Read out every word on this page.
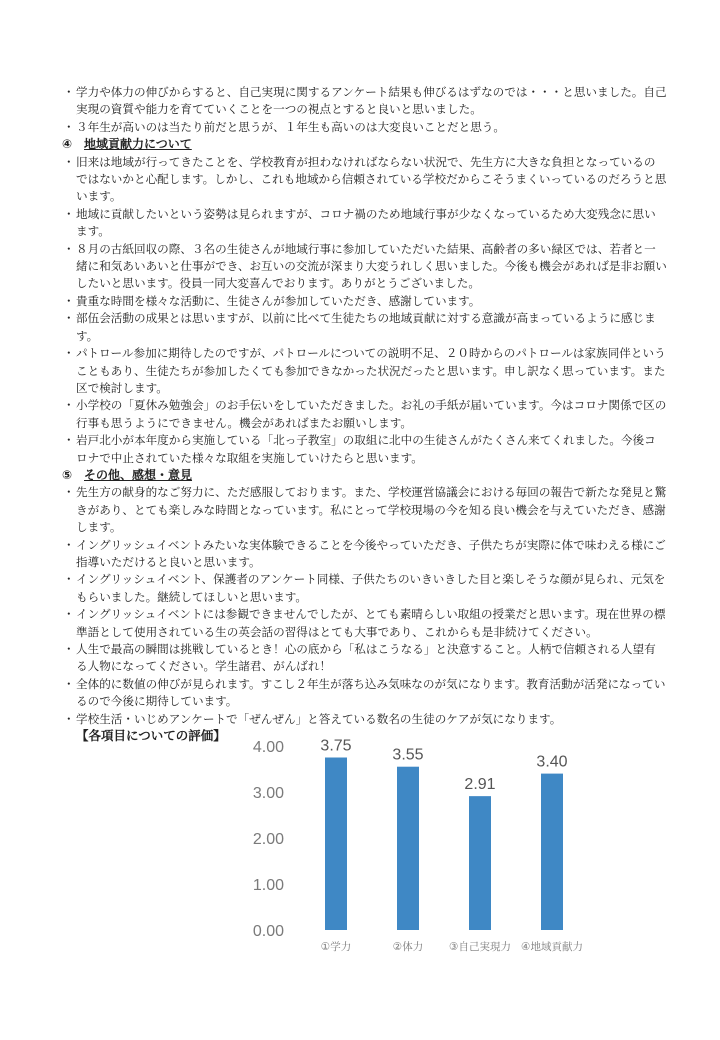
・ 学力や体力の伸びからすると、自己実現に関するアンケート結果も伸びるはずなのでは・・・と思いました。自己実現の資質や能力を育てていくことを一つの視点とすると良いと思いました。

・ ３年生が高いのは当たり前だと思うが、１年生も高いのは大変良いことだと思う。

④ 地域貢献力について

・ 旧来は地域が行ってきたことを、学校教育が担わなければならない状況で、先生方に大きな負担となっているのではないかと心配します。しかし、これも地域から信頼されている学校だからこそうまくいっているのだろうと思います。

・ 地域に貢献したいという姿勢は見られますが、コロナ禍のため地域行事が少なくなっているため大変残念に思います。

・ ８月の古紙回収の際、３名の生徒さんが地域行事に参加していただいた結果、高齢者の多い緑区では、若者と一緒に和気あいあいと仕事ができ、お互いの交流が深まり大変うれしく思いました。今後も機会があれば是非お願いしたいと思います。役員一同大変喜んでおります。ありがとうございました。

・ 貴重な時間を様々な活動に、生徒さんが参加していただき、感謝しています。

・ 部伍会活動の成果とは思いますが、以前に比べて生徒たちの地域貢献に対する意識が高まっているように感じます。

・ パトロール参加に期待したのですが、パトロールについての説明不足、２０時からのパトロールは家族同伴ということもあり、生徒たちが参加したくても参加できなかった状況だったと思います。申し訳なく思っています。また区で検討します。

・ 小学校の「夏休み勉強会」のお手伝いをしていただきました。お礼の手紙が届いています。今はコロナ関係で区の行事も思うようにできません。機会があればまたお願いします。

・ 岩戸北小が本年度から実施している「北っ子教室」の取組に北中の生徒さんがたくさん来てくれました。今後コロナで中止されていた様々な取組を実施していけたらと思います。

⑤ その他、感想・意見

・ 先生方の献身的なご努力に、ただ感服しております。また、学校運営協議会における毎回の報告で新たな発見と驚きがあり、とても楽しみな時間となっています。私にとって学校現場の今を知る良い機会を与えていただき、感謝します。

・ イングリッシュイベントみたいな実体験できることを今後やっていただき、子供たちが実際に体で味わえる様にご指導いただけると良いと思います。

・ イングリッシュイベント、保護者のアンケート同様、子供たちのいきいきした目と楽しそうな顔が見られ、元気をもらいました。継続してほしいと思います。

・ イングリッシュイベントには参観できませんでしたが、とても素晴らしい取組の授業だと思います。現在世界の標準語として使用されている生の英会話の習得はとても大事であり、これからも是非続けてください。

・ 人生で最高の瞬間は挑戦しているとき！心の底から「私はこうなる」と決意すること。人柄で信頼される人望有る人物になってください。学生諸君、がんばれ！

・ 全体的に数値の伸びが見られます。すこし２年生が落ち込み気味なのが気になります。教育活動が活発になっているので今後に期待しています。

・ 学校生活・いじめアンケートで「ぜんぜん」と答えている数名の生徒のケアが気になります。

【各項目についての評価】
0.00
1.00
2.00
3.00
4.00 3.75
①学力
3.55
②体力
2.91
③自己実現力
3.40
④地域貢献力
